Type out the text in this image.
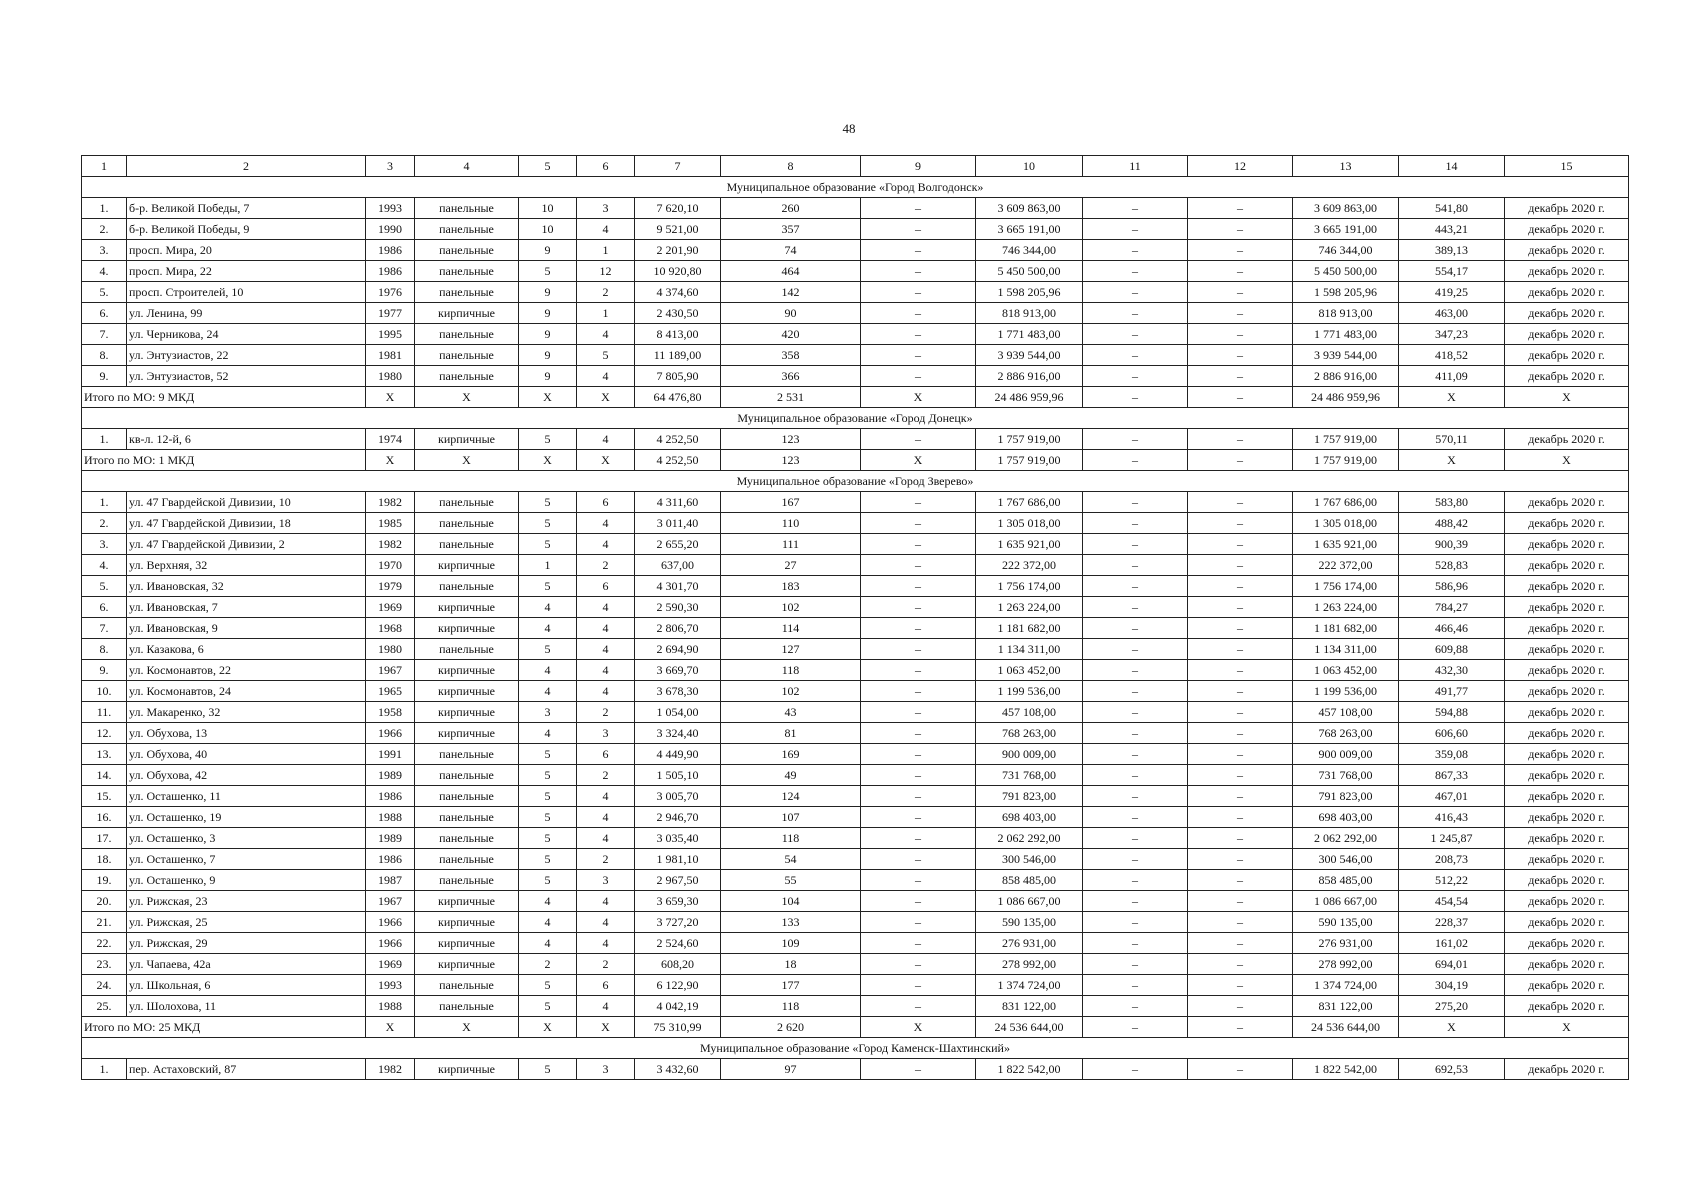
48
1	2	3	4	5	6	7	8	9	10	11	12	13	14	15
Муниципальное образование «Город Волгодонск»														
1.	б-р. Великой Победы, 7	1993	панельные	10	3	7 620,10	260	–	3 609 863,00	–	–	3 609 863,00	541,80	декабрь 2020 г.
2.	б-р. Великой Победы, 9	1990	панельные	10	4	9 521,00	357	–	3 665 191,00	–	–	3 665 191,00	443,21	декабрь 2020 г.
3.	просп. Мира, 20	1986	панельные	9	1	2 201,90	74	–	746 344,00	–	–	746 344,00	389,13	декабрь 2020 г.
4.	просп. Мира, 22	1986	панельные	5	12	10 920,80	464	–	5 450 500,00	–	–	5 450 500,00	554,17	декабрь 2020 г.
5.	просп. Строителей, 10	1976	панельные	9	2	4 374,60	142	–	1 598 205,96	–	–	1 598 205,96	419,25	декабрь 2020 г.
6.	ул. Ленина, 99	1977	кирпичные	9	1	2 430,50	90	–	818 913,00	–	–	818 913,00	463,00	декабрь 2020 г.
7.	ул. Черникова, 24	1995	панельные	9	4	8 413,00	420	–	1 771 483,00	–	–	1 771 483,00	347,23	декабрь 2020 г.
8.	ул. Энтузиастов, 22	1981	панельные	9	5	11 189,00	358	–	3 939 544,00	–	–	3 939 544,00	418,52	декабрь 2020 г.
9.	ул. Энтузиастов, 52	1980	панельные	9	4	7 805,90	366	–	2 886 916,00	–	–	2 886 916,00	411,09	декабрь 2020 г.
Итого по МО: 9 МКД		X	X	X	X	64 476,80	2 531	X	24 486 959,96	–	–	24 486 959,96	X	X
Муниципальное образование «Город Донецк»														
1.	кв-л. 12-й, 6	1974	кирпичные	5	4	4 252,50	123	–	1 757 919,00	–	–	1 757 919,00	570,11	декабрь 2020 г.
Итого по МО: 1 МКД		X	X	X	X	4 252,50	123	X	1 757 919,00	–	–	1 757 919,00	X	X
Муниципальное образование «Город Зверево»														
1.	ул. 47 Гвардейской Дивизии, 10	1982	панельные	5	6	4 311,60	167	–	1 767 686,00	–	–	1 767 686,00	583,80	декабрь 2020 г.
2.	ул. 47 Гвардейской Дивизии, 18	1985	панельные	5	4	3 011,40	110	–	1 305 018,00	–	–	1 305 018,00	488,42	декабрь 2020 г.
3.	ул. 47 Гвардейской Дивизии, 2	1982	панельные	5	4	2 655,20	111	–	1 635 921,00	–	–	1 635 921,00	900,39	декабрь 2020 г.
4.	ул. Верхняя, 32	1970	кирпичные	1	2	637,00	27	–	222 372,00	–	–	222 372,00	528,83	декабрь 2020 г.
5.	ул. Ивановская, 32	1979	панельные	5	6	4 301,70	183	–	1 756 174,00	–	–	1 756 174,00	586,96	декабрь 2020 г.
6.	ул. Ивановская, 7	1969	кирпичные	4	4	2 590,30	102	–	1 263 224,00	–	–	1 263 224,00	784,27	декабрь 2020 г.
7.	ул. Ивановская, 9	1968	кирпичные	4	4	2 806,70	114	–	1 181 682,00	–	–	1 181 682,00	466,46	декабрь 2020 г.
8.	ул. Казакова, 6	1980	панельные	5	4	2 694,90	127	–	1 134 311,00	–	–	1 134 311,00	609,88	декабрь 2020 г.
9.	ул. Космонавтов, 22	1967	кирпичные	4	4	3 669,70	118	–	1 063 452,00	–	–	1 063 452,00	432,30	декабрь 2020 г.
10.	ул. Космонавтов, 24	1965	кирпичные	4	4	3 678,30	102	–	1 199 536,00	–	–	1 199 536,00	491,77	декабрь 2020 г.
11.	ул. Макаренко, 32	1958	кирпичные	3	2	1 054,00	43	–	457 108,00	–	–	457 108,00	594,88	декабрь 2020 г.
12.	ул. Обухова, 13	1966	кирпичные	4	3	3 324,40	81	–	768 263,00	–	–	768 263,00	606,60	декабрь 2020 г.
13.	ул. Обухова, 40	1991	панельные	5	6	4 449,90	169	–	900 009,00	–	–	900 009,00	359,08	декабрь 2020 г.
14.	ул. Обухова, 42	1989	панельные	5	2	1 505,10	49	–	731 768,00	–	–	731 768,00	867,33	декабрь 2020 г.
15.	ул. Осташенко, 11	1986	панельные	5	4	3 005,70	124	–	791 823,00	–	–	791 823,00	467,01	декабрь 2020 г.
16.	ул. Осташенко, 19	1988	панельные	5	4	2 946,70	107	–	698 403,00	–	–	698 403,00	416,43	декабрь 2020 г.
17.	ул. Осташенко, 3	1989	панельные	5	4	3 035,40	118	–	2 062 292,00	–	–	2 062 292,00	1 245,87	декабрь 2020 г.
18.	ул. Осташенко, 7	1986	панельные	5	2	1 981,10	54	–	300 546,00	–	–	300 546,00	208,73	декабрь 2020 г.
19.	ул. Осташенко, 9	1987	панельные	5	3	2 967,50	55	–	858 485,00	–	–	858 485,00	512,22	декабрь 2020 г.
20.	ул. Рижская, 23	1967	кирпичные	4	4	3 659,30	104	–	1 086 667,00	–	–	1 086 667,00	454,54	декабрь 2020 г.
21.	ул. Рижская, 25	1966	кирпичные	4	4	3 727,20	133	–	590 135,00	–	–	590 135,00	228,37	декабрь 2020 г.
22.	ул. Рижская, 29	1966	кирпичные	4	4	2 524,60	109	–	276 931,00	–	–	276 931,00	161,02	декабрь 2020 г.
23.	ул. Чапаева, 42а	1969	кирпичные	2	2	608,20	18	–	278 992,00	–	–	278 992,00	694,01	декабрь 2020 г.
24.	ул. Школьная, 6	1993	панельные	5	6	6 122,90	177	–	1 374 724,00	–	–	1 374 724,00	304,19	декабрь 2020 г.
25.	ул. Шолохова, 11	1988	панельные	5	4	4 042,19	118	–	831 122,00	–	–	831 122,00	275,20	декабрь 2020 г.
Итого по МО: 25 МКД		X	X	X	X	75 310,99	2 620	X	24 536 644,00	–	–	24 536 644,00	X	X
Муниципальное образование «Город Каменск-Шахтинский»														
1.	пер. Астаховский, 87	1982	кирпичные	5	3	3 432,60	97	–	1 822 542,00	–	–	1 822 542,00	692,53	декабрь 2020 г.
